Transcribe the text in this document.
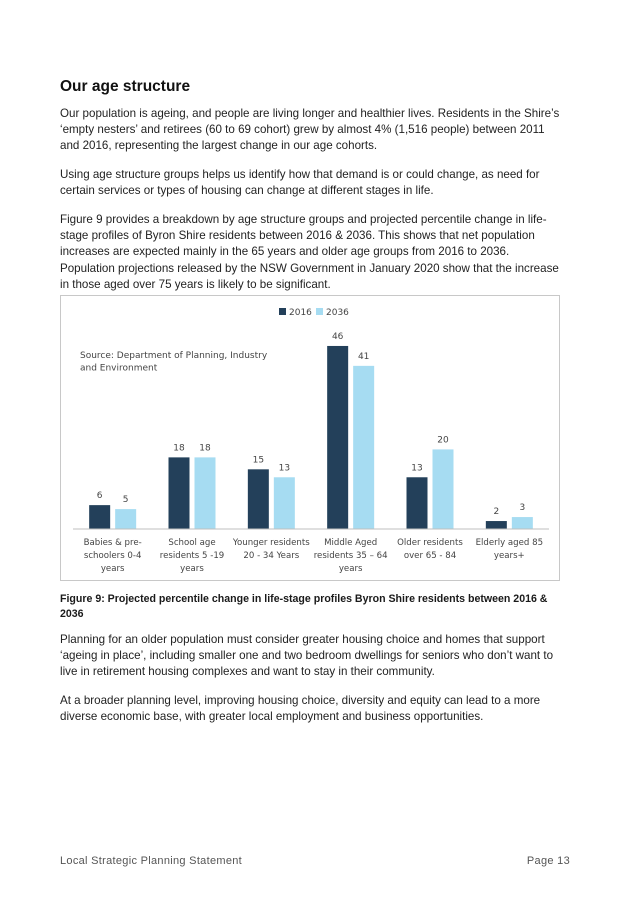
Our age structure

Our population is ageing, and people are living longer and healthier lives. Residents in the Shire’s ‘empty nesters’ and retirees (60 to 69 cohort) grew by almost 4% (1,516 people) between 2011 and 2016, representing the largest change in our age cohorts.

Using age structure groups helps us identify how that demand is or could change, as need for certain services or types of housing can change at different stages in life.

Figure 9 provides a breakdown by age structure groups and projected percentile change in life-stage profiles of Byron Shire residents between 2016 & 2036. This shows that net population increases are expected mainly in the 65 years and older age groups from 2016 to 2036. Population projections released by the NSW Government in January 2020 show that the increase in those aged over 75 years is likely to be significant.

2016 2036
Source: Department of Planning, Industry
and Environment
6 5
Babies & pre-
schoolers 0-4
years
18 18
School age
residents 5 -19
years
15
13
Younger residents
20 - 34 Years
46
41
Middle Aged
residents 35 – 64
years
13
20
Older residents
over 65 - 84
2 3
Elderly aged 85
years+

Figure 9: Projected percentile change in life-stage profiles Byron Shire residents between 2016 & 2036

Planning for an older population must consider greater housing choice and homes that support ‘ageing in place’, including smaller one and two bedroom dwellings for seniors who don’t want to live in retirement housing complexes and want to stay in their community.

At a broader planning level, improving housing choice, diversity and equity can lead to a more diverse economic base, with greater local employment and business opportunities.

Local Strategic Planning Statement	Page 13
